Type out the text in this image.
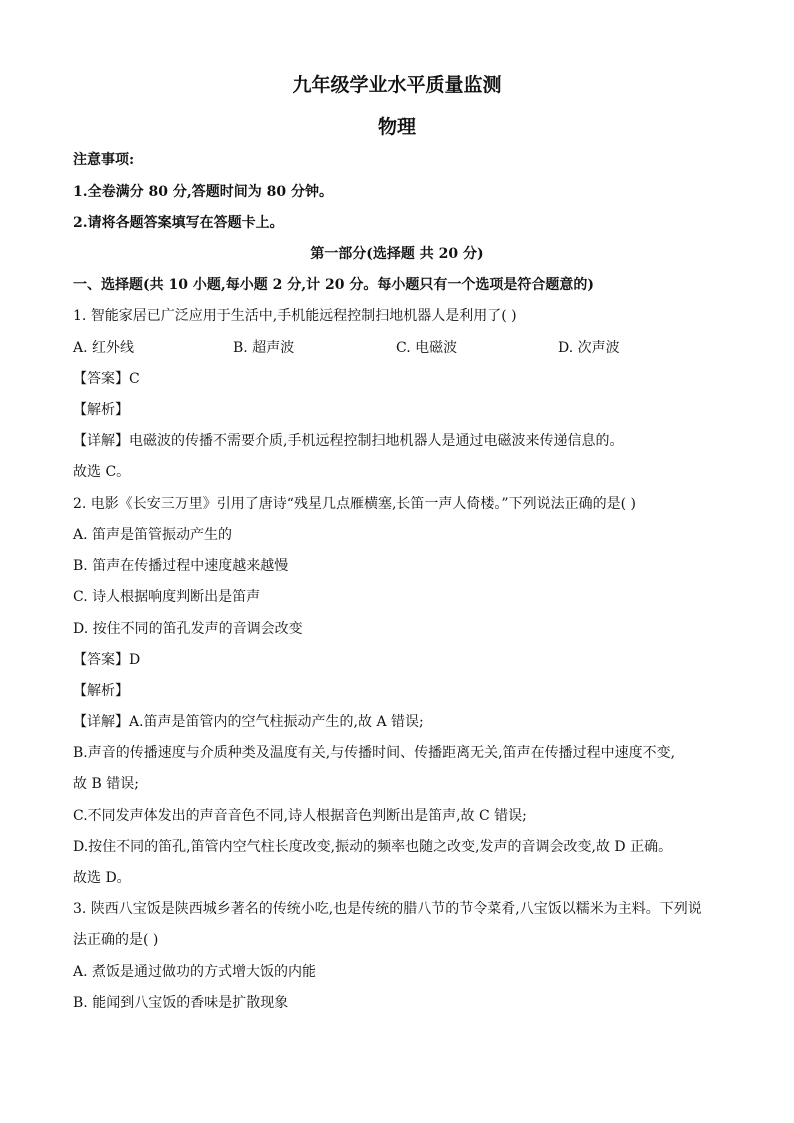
九年级学业水平质量监测
物理
注意事项:
1.全卷满分 80 分,答题时间为 80 分钟。
2.请将各题答案填写在答题卡上。
第一部分(选择题 共 20 分)
一、选择题(共 10 小题,每小题 2 分,计 20 分。每小题只有一个选项是符合题意的)
1. 智能家居已广泛应用于生活中,手机能远程控制扫地机器人是利用了( )
A. 红外线	B. 超声波	C. 电磁波	D. 次声波
【答案】C
【解析】
【详解】电磁波的传播不需要介质,手机远程控制扫地机器人是通过电磁波来传递信息的。
故选 C。
2. 电影《长安三万里》引用了唐诗“残星几点雁横塞,长笛一声人倚楼。”下列说法正确的是( )
A. 笛声是笛管振动产生的
B. 笛声在传播过程中速度越来越慢
C. 诗人根据响度判断出是笛声
D. 按住不同的笛孔发声的音调会改变
【答案】D
【解析】
【详解】A.笛声是笛管内的空气柱振动产生的,故 A 错误;
B.声音的传播速度与介质种类及温度有关,与传播时间、传播距离无关,笛声在传播过程中速度不变,
故 B 错误;
C.不同发声体发出的声音音色不同,诗人根据音色判断出是笛声,故 C 错误;
D.按住不同的笛孔,笛管内空气柱长度改变,振动的频率也随之改变,发声的音调会改变,故 D 正确。
故选 D。
3. 陕西八宝饭是陕西城乡著名的传统小吃,也是传统的腊八节的节令菜肴,八宝饭以糯米为主料。下列说
法正确的是( )
A. 煮饭是通过做功的方式增大饭的内能
B. 能闻到八宝饭的香味是扩散现象
